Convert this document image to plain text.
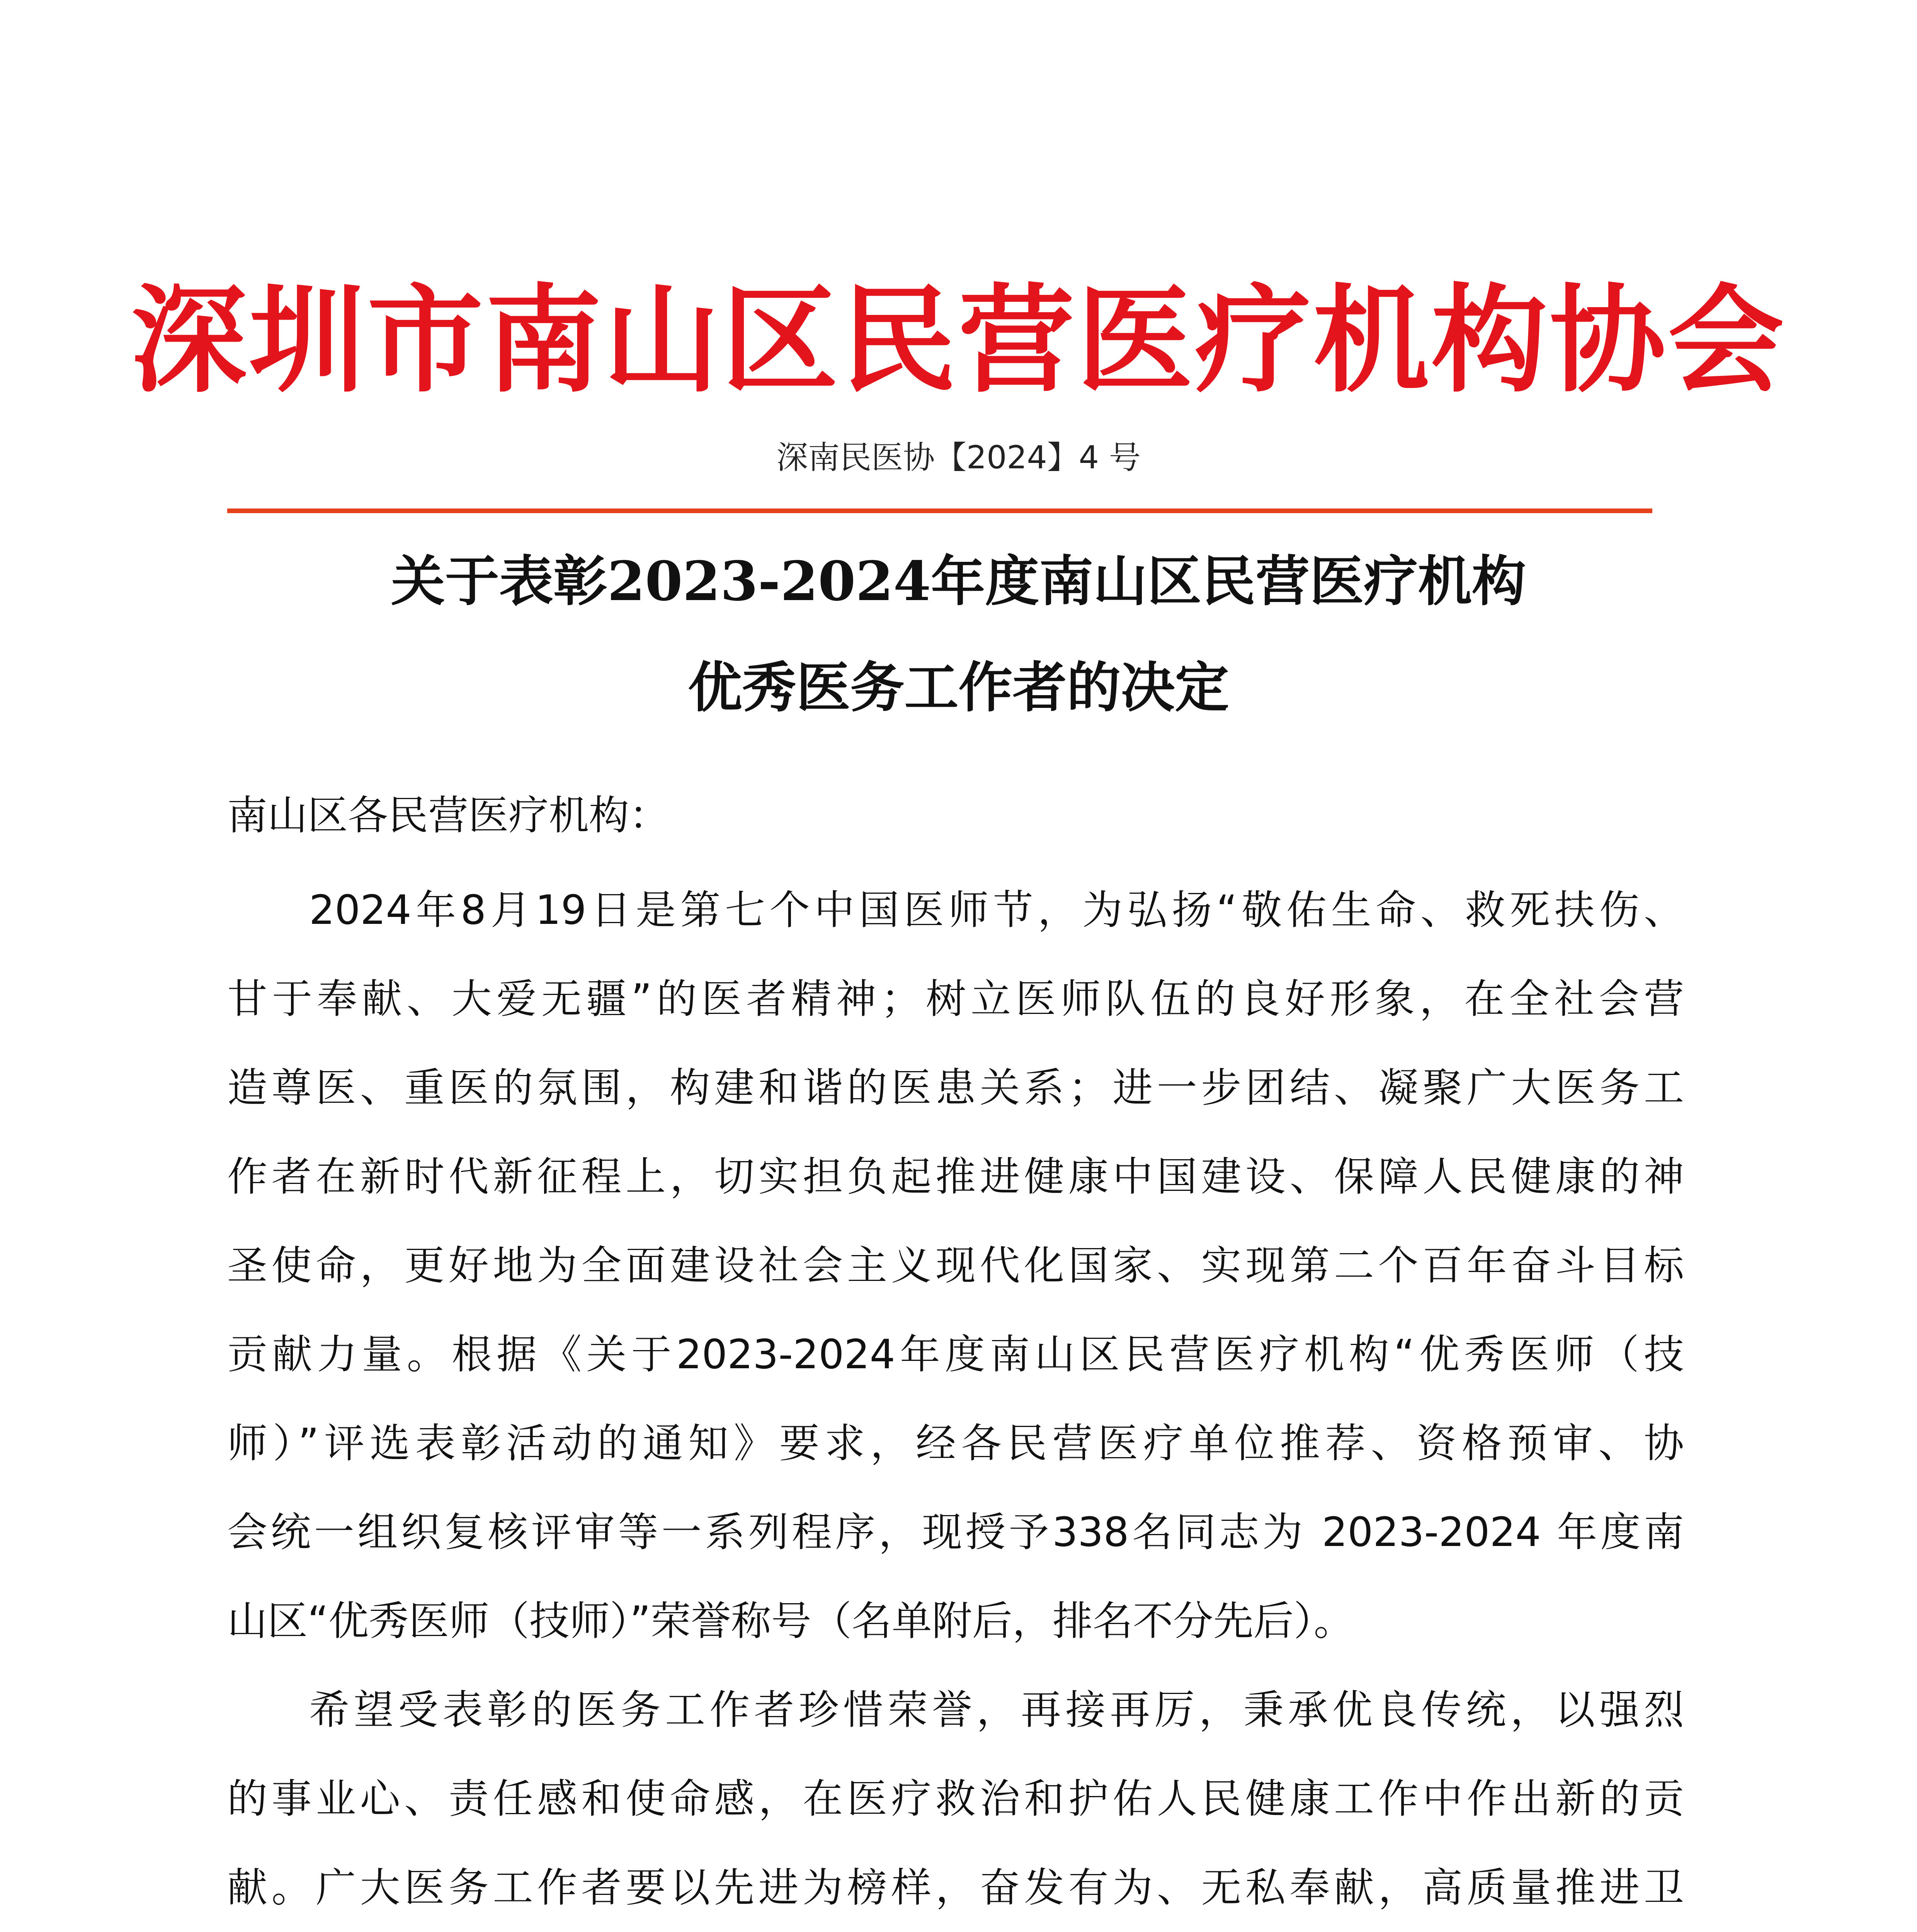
深圳市南山区民营医疗机构协会
深南民医协【2024】4 号
关于表彰2023-2024年度南山区民营医疗机构
优秀医务工作者的决定
南山区各民营医疗机构：
2024年8月19日是第七个中国医师节，为弘扬“敬佑生命、救死扶伤、
甘于奉献、大爱无疆”的医者精神；树立医师队伍的良好形象，在全社会营
造尊医、重医的氛围，构建和谐的医患关系；进一步团结、凝聚广大医务工
作者在新时代新征程上，切实担负起推进健康中国建设、保障人民健康的神
圣使命，更好地为全面建设社会主义现代化国家、实现第二个百年奋斗目标
贡献力量。根据《关于2023-2024年度南山区民营医疗机构“优秀医师（技
师）”评选表彰活动的通知》要求，经各民营医疗单位推荐、资格预审、协
会统一组织复核评审等一系列程序，现授予338名同志为 2023-2024 年度南
山区“优秀医师（技师）”荣誉称号（名单附后，排名不分先后）。
希望受表彰的医务工作者珍惜荣誉，再接再厉，秉承优良传统，以强烈
的事业心、责任感和使命感，在医疗救治和护佑人民健康工作中作出新的贡
献。广大医务工作者要以先进为榜样，奋发有为、无私奉献，高质量推进卫
